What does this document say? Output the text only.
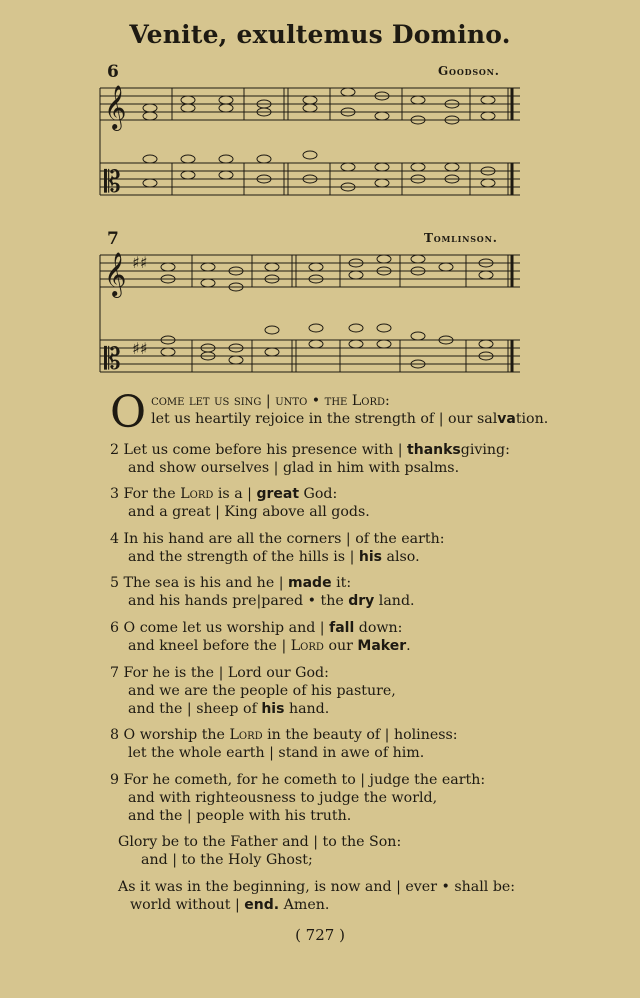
Venite, exultemus Domino.
6	Goodson.
7	Tomlinson.
𝄞
𝄡
𝄞 ♯♯
𝄡 ♯♯
O come let us sing | unto • the Lord:
let us heartily rejoice in the strength of | our salvation.
2 Let us come before his presence with | thanksgiving:
and show ourselves | glad in him with psalms.
3 For the Lord is a | great God:
and a great | King above all gods.
4 In his hand are all the corners | of the earth:
and the strength of the hills is | his also.
5 The sea is his and he | made it:
and his hands pre|pared • the dry land.
6 O come let us worship and | fall down:
and kneel before the | Lord our Maker.
7 For he is the | Lord our God:
and we are the people of his pasture,
and the | sheep of his hand.
8 O worship the Lord in the beauty of | holiness:
let the whole earth | stand in awe of him.
9 For he cometh, for he cometh to | judge the earth:
and with righteousness to judge the world,
and the | people with his truth.
Glory be to the Father and | to the Son:
and | to the Holy Ghost;
As it was in the beginning, is now and | ever • shall be:
world without | end. Amen.
( 727 )
